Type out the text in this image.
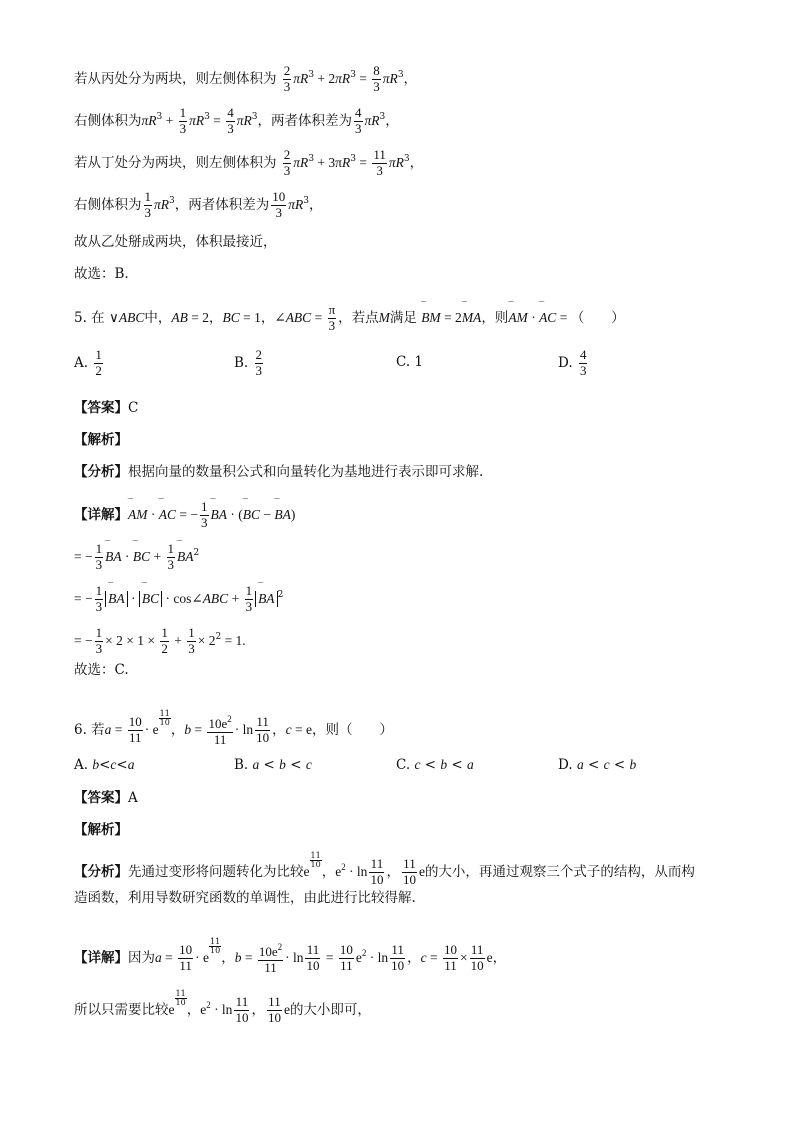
若从丙处分为两块，则左侧体积为 $\frac{2}{3} \pi R^3 + 2\pi R^3 = \frac{8}{3} \pi R^3$，
右侧体积为$\pi R^3 + \frac{1}{3} \pi R^3 = \frac{4}{3} \pi R^3$，两者体积差为 $\frac{4}{3} \pi R^3$，
若从丁处分为两块，则左侧体积为 $\frac{2}{3} \pi R^3 + 3\pi R^3 = \frac{11}{3} \pi R^3$，
右侧体积为 $\frac{1}{3} \pi R^3$，两者体积差为 $\frac{10}{3} \pi R^3$，
故从乙处掰成两块，体积最接近，
故选：B.
5. 在 ∨ABC中，AB = 2，BC = 1，∠ABC = $\frac{\pi}{3}$ ，若点M满足 ‾‾ BM = 2‾‾ MA，则‾‾ AM · ‾‾ AC = （　　）
A. $\frac{1}{2}$	B. $\frac{2}{3}$	C. 1	D. $\frac{4}{3}$
【答案】C
【解析】
【分析】根据向量的数量积公式和向量转化为基地进行表示即可求解.
【详解】‾‾ AM · ‾‾ AC = − $\frac{1}{3}$ ‾‾ BA · (‾‾ BC − ‾‾ BA)
= − $\frac{1}{3}$ ‾‾ BA · ‾‾ BC + $\frac{1}{3}$ ‾‾ $BA^2$
= − $\frac{1}{3}$ ‾‾ BA · ‾‾ BC · cos∠ABC + $\frac{1}{3}$ ‾‾ BA $^2$
= − $\frac{1}{3} \times 2 \times 1 \times \frac{1}{2} + \frac{1}{3} \times 2^2 = 1$.
故选：C.
6. 若$a = \frac{10}{11} \cdot e$
$\frac{11}{10}$
，$b = \frac{10e^2}{11} \cdot \ln \frac{11}{10}$ ，c = e，则（　　）
A. b<c<a	B. a < b < c	C. c < b < a	D. a < c < b
【答案】A
【解析】
【分析】先通过变形将问题转化为比较e
$\frac{11}{10}$
，$e^2 \cdot \ln \frac{11}{10}$ ， $\frac{11}{10}$ e的大小，再通过观察三个式子的结构，从而构
造函数，利用导数研究函数的单调性，由此进行比较得解.
【详解】因为$a = \frac{10}{11} \cdot e$
$\frac{11}{10}$
，$b = \frac{10e^2}{11} \cdot \ln \frac{11}{10} = \frac{10}{11} e^2 \cdot \ln \frac{11}{10}$ ，$c = \frac{10}{11} \times \frac{11}{10}$ e，
所以只需要比较e
$\frac{11}{10}$
，$e^2 \cdot \ln \frac{11}{10}$ ， $\frac{11}{10}$ e的大小即可，
